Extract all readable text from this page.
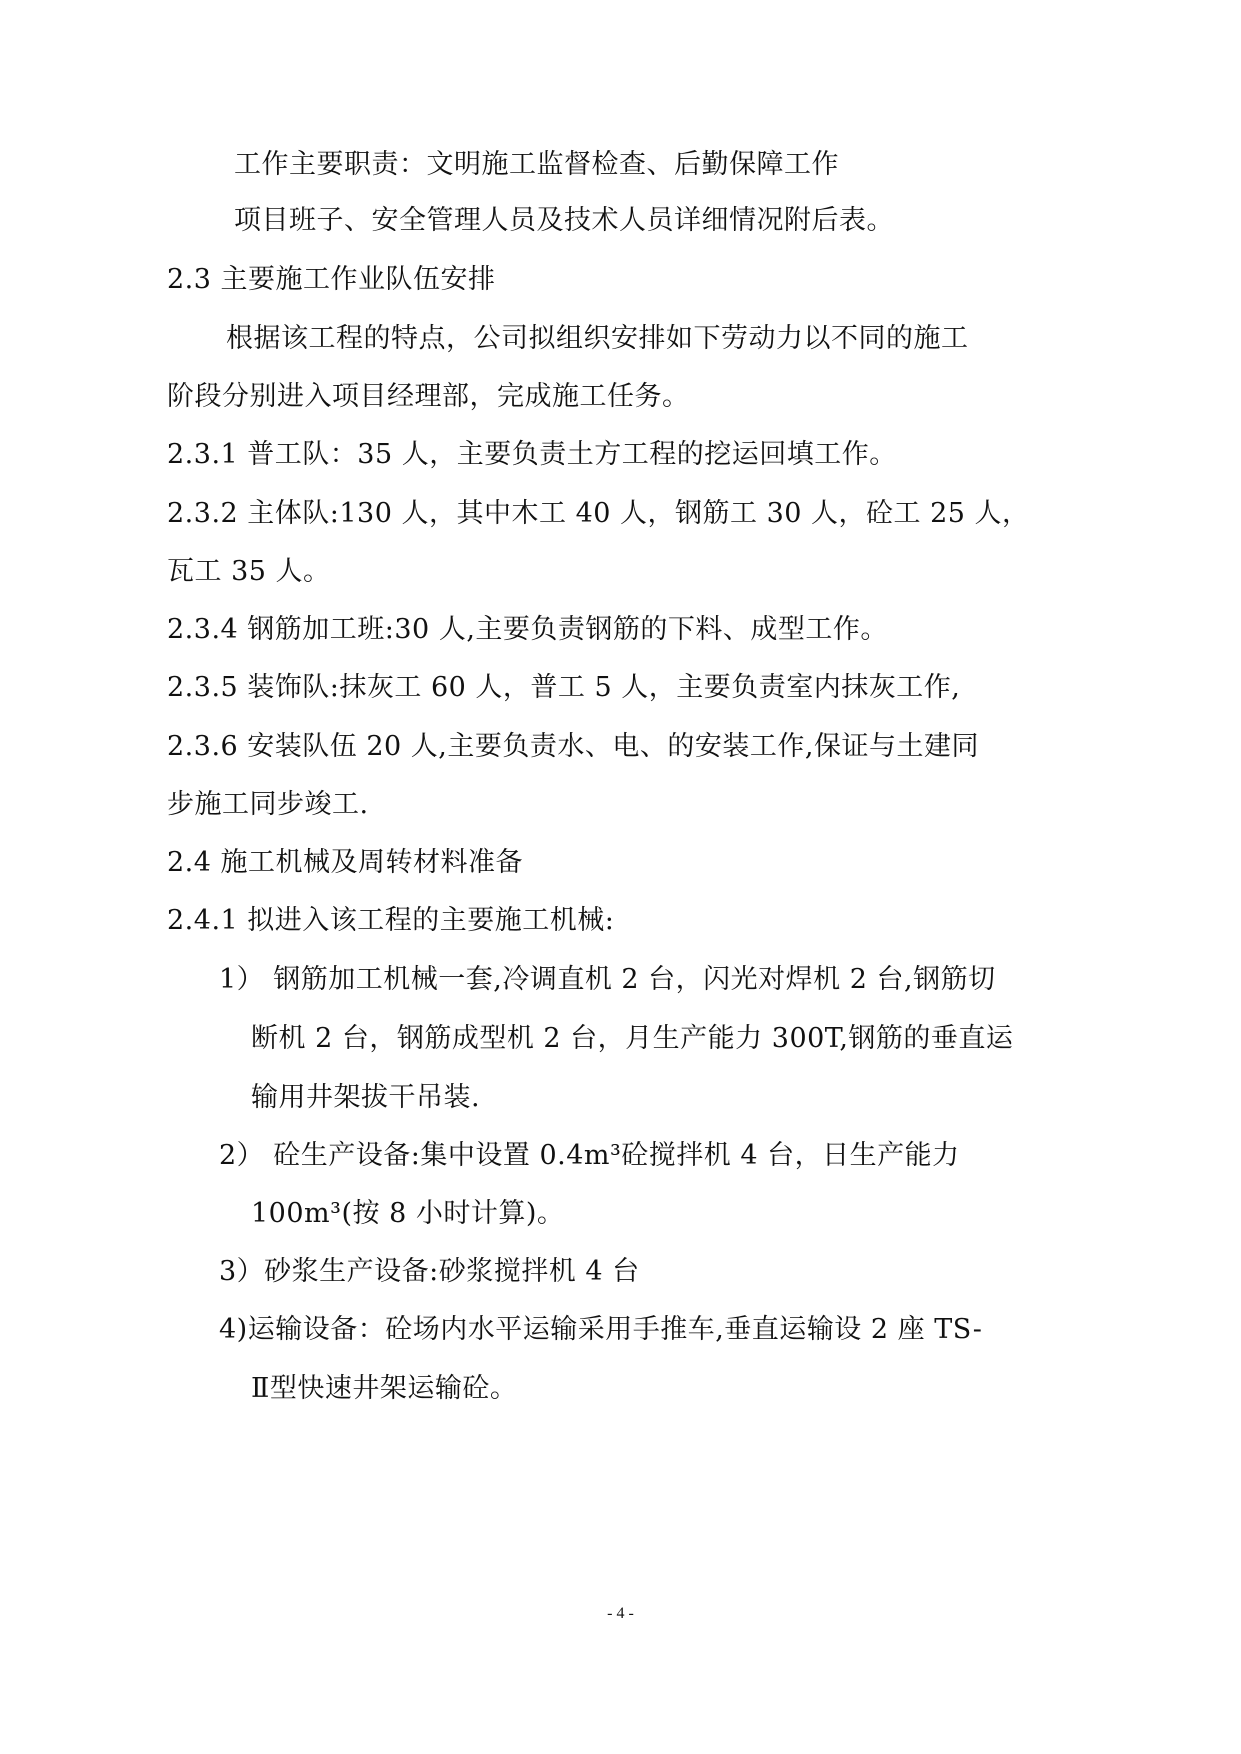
工作主要职责：文明施工监督检查、后勤保障工作
项目班子、安全管理人员及技术人员详细情况附后表。
2.3 主要施工作业队伍安排
根据该工程的特点，公司拟组织安排如下劳动力以不同的施工
阶段分别进入项目经理部，完成施工任务。
2.3.1 普工队：35 人，主要负责土方工程的挖运回填工作。
2.3.2 主体队:130 人，其中木工 40 人，钢筋工 30 人，砼工 25 人，
瓦工 35 人。
2.3.4 钢筋加工班:30 人,主要负责钢筋的下料、成型工作。
2.3.5 装饰队:抹灰工 60 人，普工 5 人，主要负责室内抹灰工作,
2.3.6 安装队伍 20 人,主要负责水、电、的安装工作,保证与土建同
步施工同步竣工.
2.4 施工机械及周转材料准备
2.4.1 拟进入该工程的主要施工机械:
1） 钢筋加工机械一套,冷调直机 2 台，闪光对焊机 2 台,钢筋切
断机 2 台，钢筋成型机 2 台，月生产能力 300T,钢筋的垂直运
输用井架拔干吊装.
2） 砼生产设备:集中设置 0.4m³砼搅拌机 4 台，日生产能力
100m³(按 8 小时计算)。
3）砂浆生产设备:砂浆搅拌机 4 台
4)运输设备：砼场内水平运输采用手推车,垂直运输设 2 座 TS-
Ⅱ型快速井架运输砼。
- 4 -
